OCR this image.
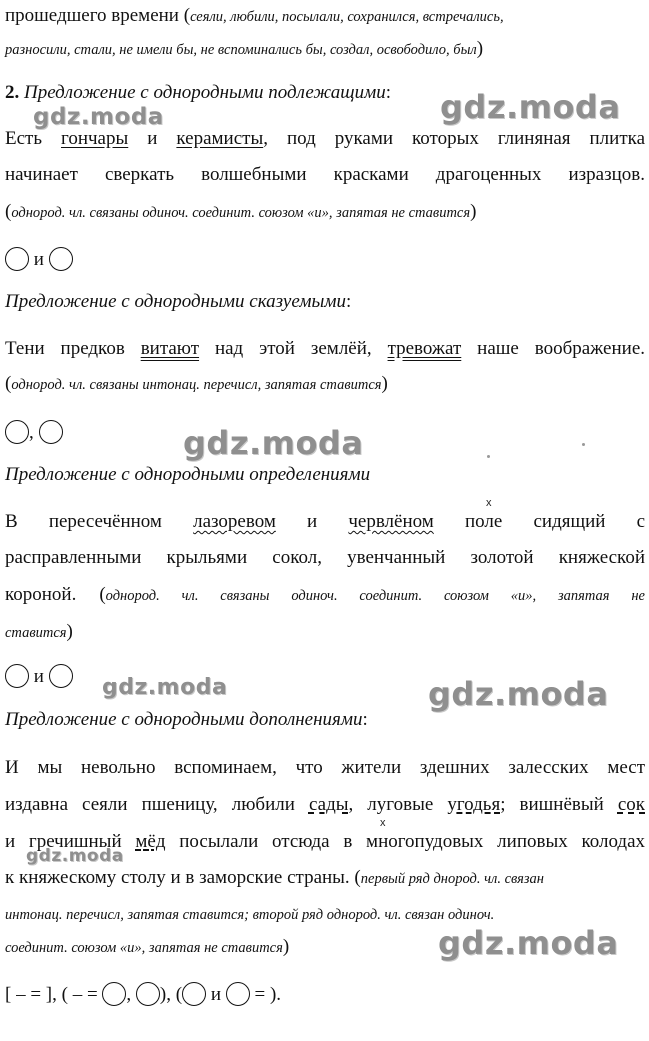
gdz.moda	gdz.moda
gdz.moda
gdz.moda	gdz.moda
gdz.moda
gdz.moda
прошедшего времени (сеяли, любили, посылали, сохранился, встречались,
разносили, стали, не имели бы, не вспоминались бы, создал, освободило, был)
2. Предложение с однородными подлежащими:
Есть гончары и керамисты, под руками которых глиняная плитка
начинает сверкать волшебными красками драгоценных изразцов.
(однород. чл. связаны одиноч. соединит. союзом «и», запятая не ставится)
и
Предложение с однородными сказуемыми:
Тени предков витают над этой землёй, тревожат наше воображение.
(однород. чл. связаны интонац. перечисл, запятая ставится)
,
Предложение с однородными определениями
x
В пересечённом лазоревом и червлёном поле сидящий с
расправленными крыльями сокол, увенчанный золотой княжеской
короной. (однород. чл. связаны одиноч. соединит. союзом «и», запятая не
ставится)
и
Предложение с однородными дополнениями:
И мы невольно вспоминаем, что жители здешних залесских мест
издавна сеяли пшеницу, любили сады, луговые угодья; вишнёвый сок
x
и гречишный мёд посылали отсюда в многопудовых липовых колодах
к княжескому столу и в заморские страны. (первый ряд днород. чл. связан
интонац. перечисл, запятая ставится; второй ряд однород. чл. связан одиноч.
соединит. союзом «и», запятая не ставится)
[ – = ], ( – = , ), ( и = ).
